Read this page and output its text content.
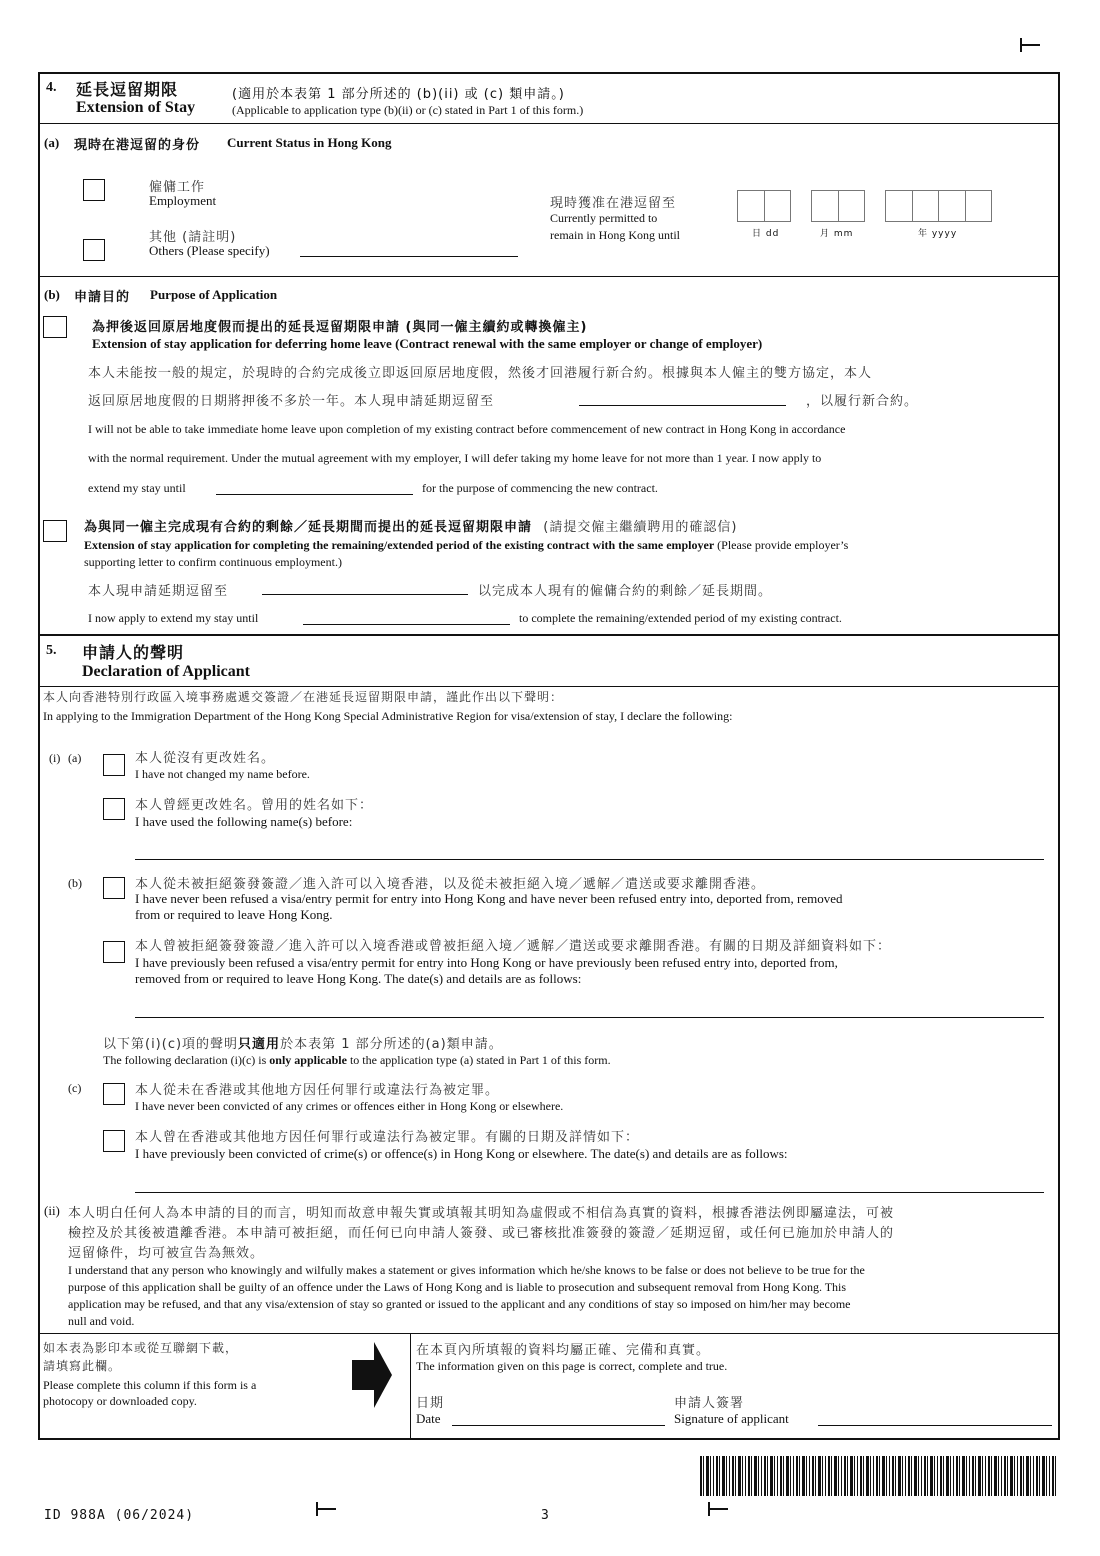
4. 延長逗留期限
Extension of Stay
(適用於本表第 1 部分所述的 (b)(ii) 或 (c) 類申請。)
(Applicable to application type (b)(ii) or (c) stated in Part 1 of this form.)
(a) 現時在港逗留的身份 Current Status in Hong Kong
僱傭工作
Employment
其他 (請註明)
Others (Please specify)
現時獲准在港逗留至
Currently permitted to
remain in Hong Kong until	日 dd	月 mm	年 yyyy
(b) 申請目的 Purpose of Application
為押後返回原居地度假而提出的延長逗留期限申請 (與同一僱主續約或轉換僱主)
Extension of stay application for deferring home leave (Contract renewal with the same employer or change of employer)
本人未能按一般的規定，於現時的合約完成後立即返回原居地度假，然後才回港履行新合約。根據與本人僱主的雙方協定，本人
返回原居地度假的日期將押後不多於一年。本人現申請延期逗留至	，以履行新合約。
I will not be able to take immediate home leave upon completion of my existing contract before commencement of new contract in Hong Kong in accordance
with the normal requirement. Under the mutual agreement with my employer, I will defer taking my home leave for not more than 1 year. I now apply to
extend my stay until	for the purpose of commencing the new contract.
為與同一僱主完成現有合約的剩餘／延長期間而提出的延長逗留期限申請 (請提交僱主繼續聘用的確認信)
Extension of stay application for completing the remaining/extended period of the existing contract with the same employer (Please provide employer’s
supporting letter to confirm continuous employment.)
本人現申請延期逗留至	以完成本人現有的僱傭合約的剩餘／延長期間。
I now apply to extend my stay until	to complete the remaining/extended period of my existing contract.
5. 申請人的聲明
Declaration of Applicant
本人向香港特別行政區入境事務處遞交簽證／在港延長逗留期限申請，謹此作出以下聲明：
In applying to the Immigration Department of the Hong Kong Special Administrative Region for visa/extension of stay, I declare the following:
(i) (a)	本人從沒有更改姓名。
I have not changed my name before.
本人曾經更改姓名。曾用的姓名如下：
I have used the following name(s) before:
(b)	本人從未被拒絕簽發簽證／進入許可以入境香港，以及從未被拒絕入境／遞解／遣送或要求離開香港。
I have never been refused a visa/entry permit for entry into Hong Kong and have never been refused entry into, deported from, removed
from or required to leave Hong Kong.
本人曾被拒絕簽發簽證／進入許可以入境香港或曾被拒絕入境／遞解／遣送或要求離開香港。有關的日期及詳細資料如下：
I have previously been refused a visa/entry permit for entry into Hong Kong or have previously been refused entry into, deported from,
removed from or required to leave Hong Kong. The date(s) and details are as follows:
以下第(i)(c)項的聲明只適用於本表第 1 部分所述的(a)類申請。
The following declaration (i)(c) is only applicable to the application type (a) stated in Part 1 of this form.
(c)	本人從未在香港或其他地方因任何罪行或違法行為被定罪。
I have never been convicted of any crimes or offences either in Hong Kong or elsewhere.
本人曾在香港或其他地方因任何罪行或違法行為被定罪。有關的日期及詳情如下：
I have previously been convicted of crime(s) or offence(s) in Hong Kong or elsewhere. The date(s) and details are as follows:
(ii) 本人明白任何人為本申請的目的而言，明知而故意申報失實或填報其明知為虛假或不相信為真實的資料，根據香港法例即屬違法，可被
檢控及於其後被遣離香港。本申請可被拒絕，而任何已向申請人簽發、或已審核批准簽發的簽證／延期逗留，或任何已施加於申請人的
逗留條件，均可被宣告為無效。
I understand that any person who knowingly and wilfully makes a statement or gives information which he/she knows to be false or does not believe to be true for the
purpose of this application shall be guilty of an offence under the Laws of Hong Kong and is liable to prosecution and subsequent removal from Hong Kong. This
application may be refused, and that any visa/extension of stay so granted or issued to the applicant and any conditions of stay so imposed on him/her may become
null and void.
如本表為影印本或從互聯網下載，
請填寫此欄。
Please complete this column if this form is a
photocopy or downloaded copy.
在本頁內所填報的資料均屬正確、完備和真實。
The information given on this page is correct, complete and true.
日期
Date
申請人簽署
Signature of applicant
ID 988A (06/2024)	3
